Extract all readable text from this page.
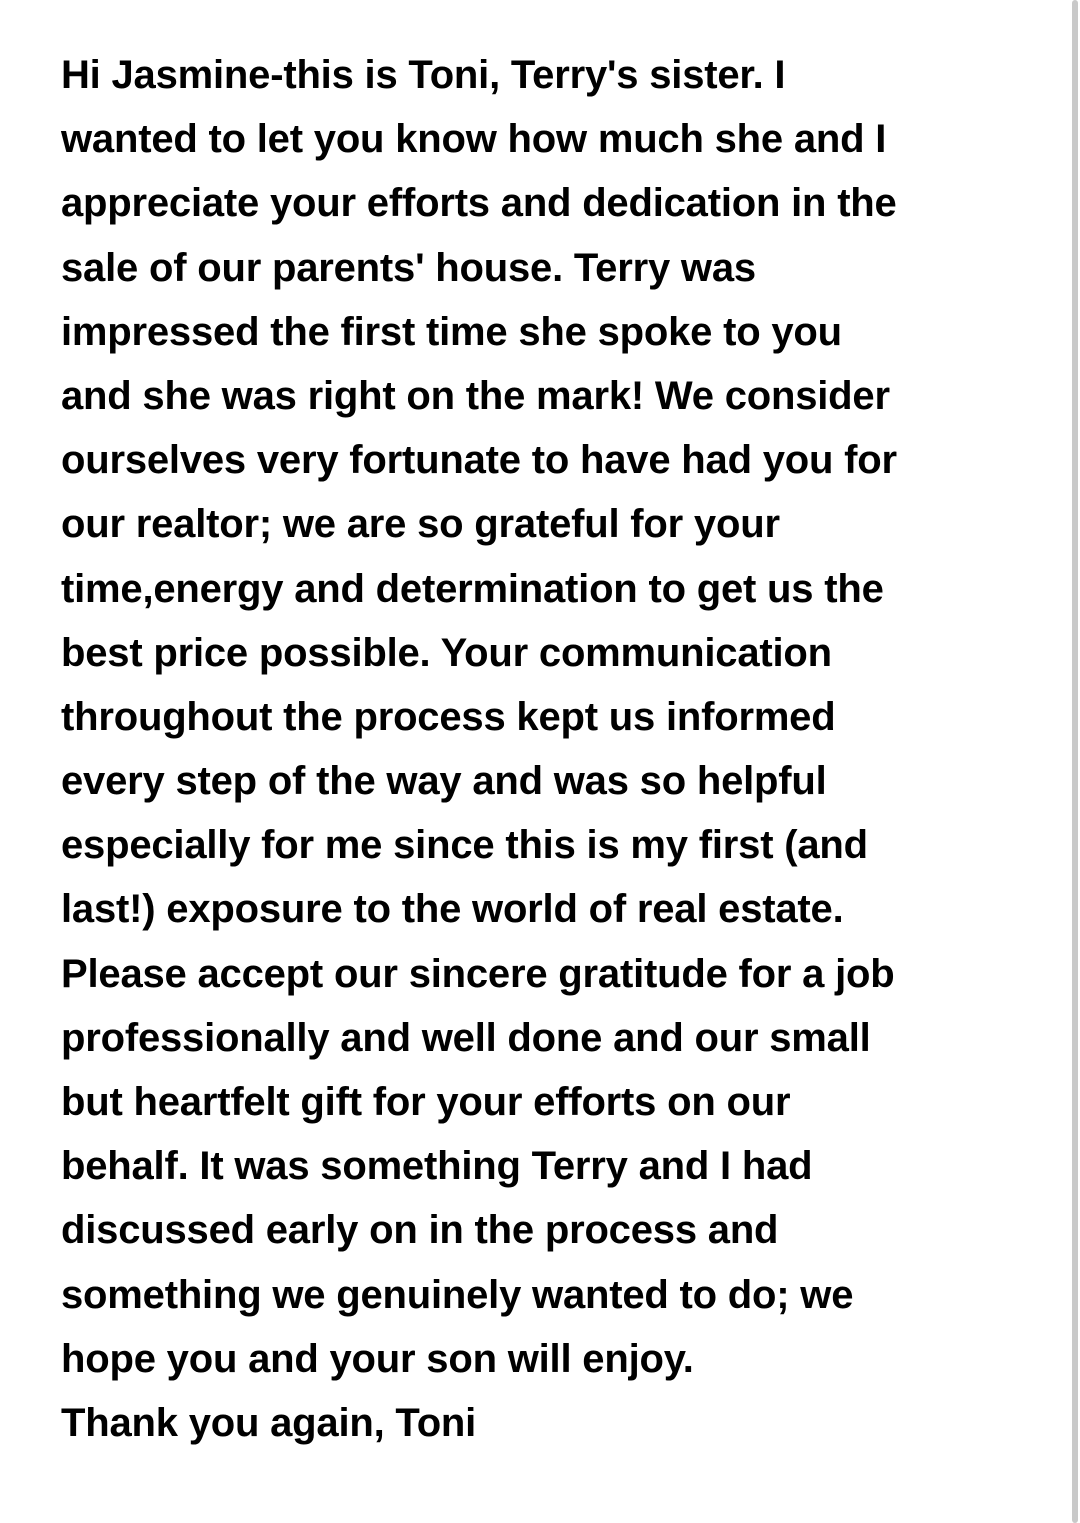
Hi Jasmine-this is Toni, Terry's sister. I
wanted to let you know how much she and I
appreciate your efforts and dedication in the
sale of our parents' house. Terry was
impressed the first time she spoke to you
and she was right on the mark! We consider
ourselves very fortunate to have had you for
our realtor; we are so grateful for your
time,energy and determination to get us the
best price possible. Your communication
throughout the process kept us informed
every step of the way and was so helpful
especially for me since this is my first (and
last!) exposure to the world of real estate.
Please accept our sincere gratitude for a job
professionally and well done and our small
but heartfelt gift for your efforts on our
behalf. It was something Terry and I had
discussed early on in the process and
something we genuinely wanted to do; we
hope you and your son will enjoy.
Thank you again, Toni
